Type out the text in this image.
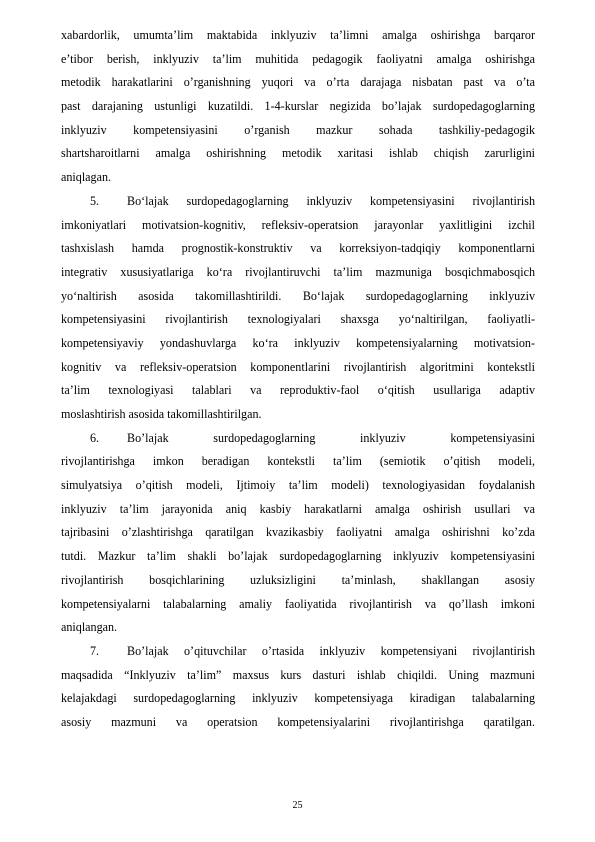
xabardorlik, umumta’lim maktabida inklyuziv ta’limni amalga oshirishga barqaror
e’tibor berish, inklyuziv ta’lim muhitida pedagogik faoliyatni amalga oshirishga
metodik harakatlarini o’rganishning yuqori va o’rta darajaga nisbatan past va o’ta
past darajaning ustunligi kuzatildi. 1-4-kurslar negizida bo’lajak surdopedagoglarning
inklyuziv kompetensiyasini o’rganish mazkur sohada tashkiliy-pedagogik
shartsharoitlarni amalga oshirishning metodik xaritasi ishlab chiqish zarurligini
aniqlagan.
5.	Bo‘lajak surdopedagoglarning inklyuziv kompetensiyasini rivojlantirish
imkoniyatlari motivatsion-kognitiv, refleksiv-operatsion jarayonlar yaxlitligini izchil
tashxislash hamda prognostik-konstruktiv va korreksiyon-tadqiqiy komponentlarni
integrativ xususiyatlariga ko‘ra rivojlantiruvchi ta’lim mazmuniga bosqichmabosqich
yo‘naltirish asosida takomillashtirildi. Bo‘lajak surdopedagoglarning inklyuziv
kompetensiyasini rivojlantirish texnologiyalari shaxsga yo‘naltirilgan, faoliyatli-
kompetensiyaviy yondashuvlarga ko‘ra inklyuziv kompetensiyalarning motivatsion-
kognitiv va refleksiv-operatsion komponentlarini rivojlantirish algoritmini kontekstli
ta’lim texnologiyasi talablari va reproduktiv-faol o‘qitish usullariga adaptiv
moslashtirish asosida takomillashtirilgan.
6.	Bo’lajak surdopedagoglarning inklyuziv kompetensiyasini
rivojlantirishga imkon beradigan kontekstli ta’lim (semiotik o’qitish modeli,
simulyatsiya o’qitish modeli, Ijtimoiy ta’lim modeli) texnologiyasidan foydalanish
inklyuziv ta’lim jarayonida aniq kasbiy harakatlarni amalga oshirish usullari va
tajribasini o’zlashtirishga qaratilgan kvazikasbiy faoliyatni amalga oshirishni ko’zda
tutdi. Mazkur ta’lim shakli bo’lajak surdopedagoglarning inklyuziv kompetensiyasini
rivojlantirish bosqichlarining uzluksizligini ta’minlash, shakllangan asosiy
kompetensiyalarni talabalarning amaliy faoliyatida rivojlantirish va qo’llash imkoni
aniqlangan.
7.	Bo’lajak o’qituvchilar o’rtasida inklyuziv kompetensiyani rivojlantirish
maqsadida “Inklyuziv ta’lim” maxsus kurs dasturi ishlab chiqildi. Uning mazmuni
kelajakdagi surdopedagoglarning inklyuziv kompetensiyaga kiradigan talabalarning
asosiy mazmuni va operatsion kompetensiyalarini rivojlantirishga qaratilgan.
25
